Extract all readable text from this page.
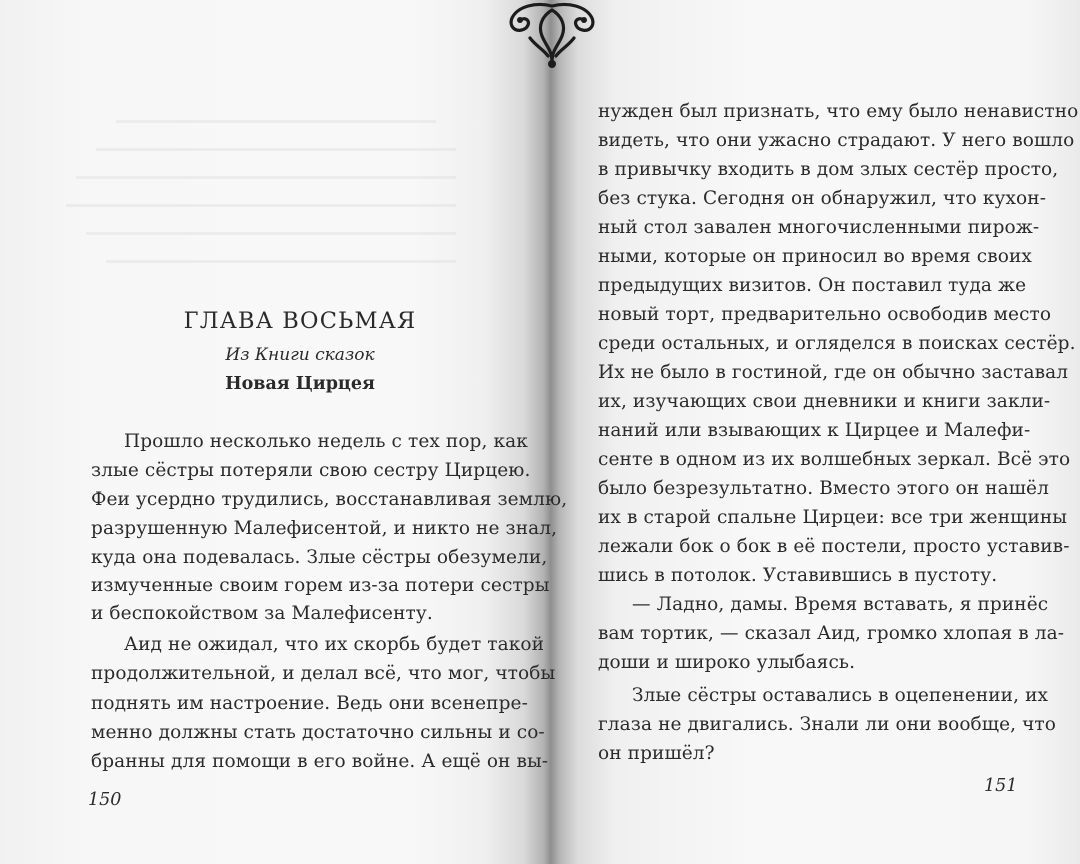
ГЛАВА ВОСЬМАЯ
Из Книги сказок
Новая Цирцея
Прошло несколько недель с тех пор, как
злые сёстры потеряли свою сестру Цирцею.
Феи усердно трудились, восстанавливая землю,
разрушенную Малефисентой, и никто не знал,
куда она подевалась. Злые сёстры обезумели,
измученные своим горем из-за потери сестры
и беспокойством за Малефисенту.
Аид не ожидал, что их скорбь будет такой
продолжительной, и делал всё, что мог, чтобы
поднять им настроение. Ведь они всенепре-
менно должны стать достаточно сильны и со-
бранны для помощи в его войне. А ещё он вы-
150
нужден был признать, что ему было ненавистно
видеть, что они ужасно страдают. У него вошло
в привычку входить в дом злых сестёр просто,
без стука. Сегодня он обнаружил, что кухон-
ный стол завален многочисленными пирож-
ными, которые он приносил во время своих
предыдущих визитов. Он поставил туда же
новый торт, предварительно освободив место
среди остальных, и огляделся в поисках сестёр.
Их не было в гостиной, где он обычно заставал
их, изучающих свои дневники и книги закли-
наний или взывающих к Цирцее и Малефи-
сенте в одном из их волшебных зеркал. Всё это
было безрезультатно. Вместо этого он нашёл
их в старой спальне Цирцеи: все три женщины
лежали бок о бок в её постели, просто уставив-
шись в потолок. Уставившись в пустоту.
— Ладно, дамы. Время вставать, я принёс
вам тортик, — сказал Аид, громко хлопая в ла-
доши и широко улыбаясь.
Злые сёстры оставались в оцепенении, их
глаза не двигались. Знали ли они вообще, что
он пришёл?
151
